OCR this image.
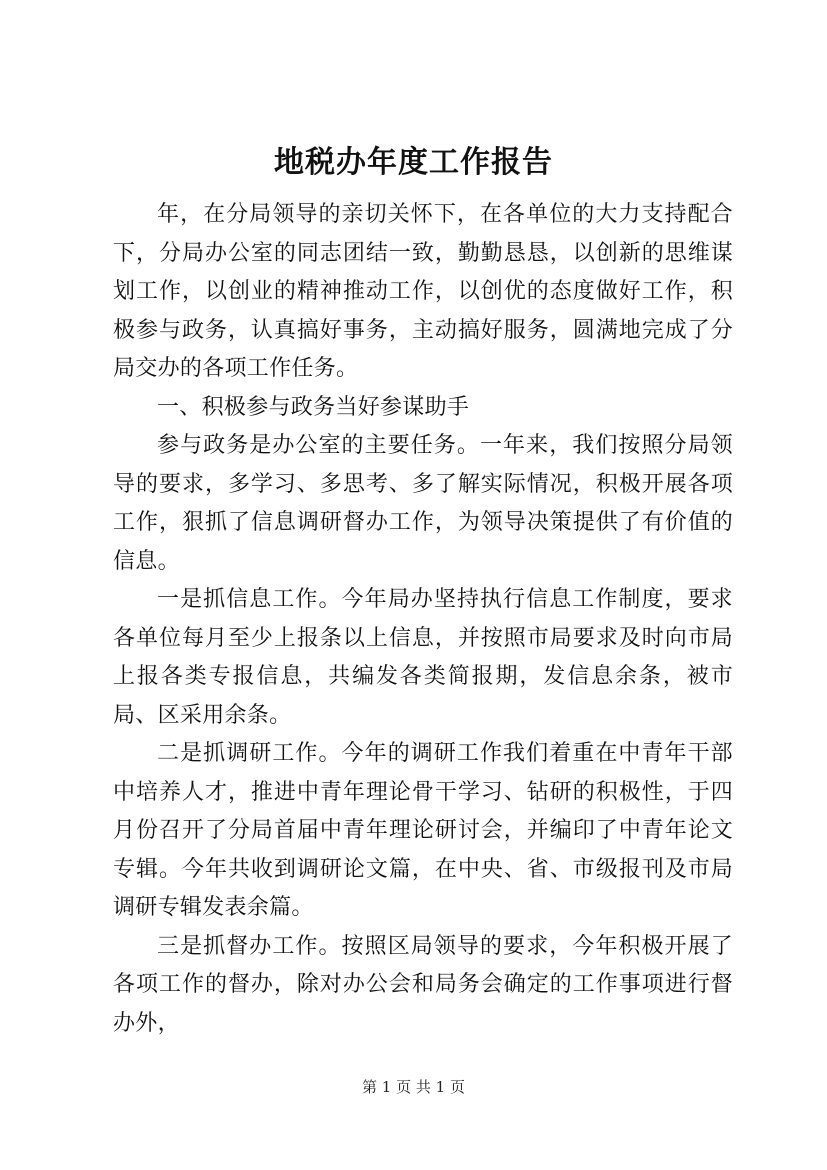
地税办年度工作报告

年，在分局领导的亲切关怀下，在各单位的大力支持配合下，分局办公室的同志团结一致，勤勤恳恳，以创新的思维谋划工作，以创业的精神推动工作，以创优的态度做好工作，积极参与政务，认真搞好事务，主动搞好服务，圆满地完成了分局交办的各项工作任务。

一、积极参与政务当好参谋助手

参与政务是办公室的主要任务。一年来，我们按照分局领导的要求，多学习、多思考、多了解实际情况，积极开展各项工作，狠抓了信息调研督办工作，为领导决策提供了有价值的信息。

一是抓信息工作。今年局办坚持执行信息工作制度，要求各单位每月至少上报条以上信息，并按照市局要求及时向市局上报各类专报信息，共编发各类简报期，发信息余条，被市局、区采用余条。

二是抓调研工作。今年的调研工作我们着重在中青年干部中培养人才，推进中青年理论骨干学习、钻研的积极性，于四月份召开了分局首届中青年理论研讨会，并编印了中青年论文专辑。今年共收到调研论文篇，在中央、省、市级报刊及市局调研专辑发表余篇。

三是抓督办工作。按照区局领导的要求，今年积极开展了各项工作的督办，除对办公会和局务会确定的工作事项进行督办外，

第 1 页 共 1 页
